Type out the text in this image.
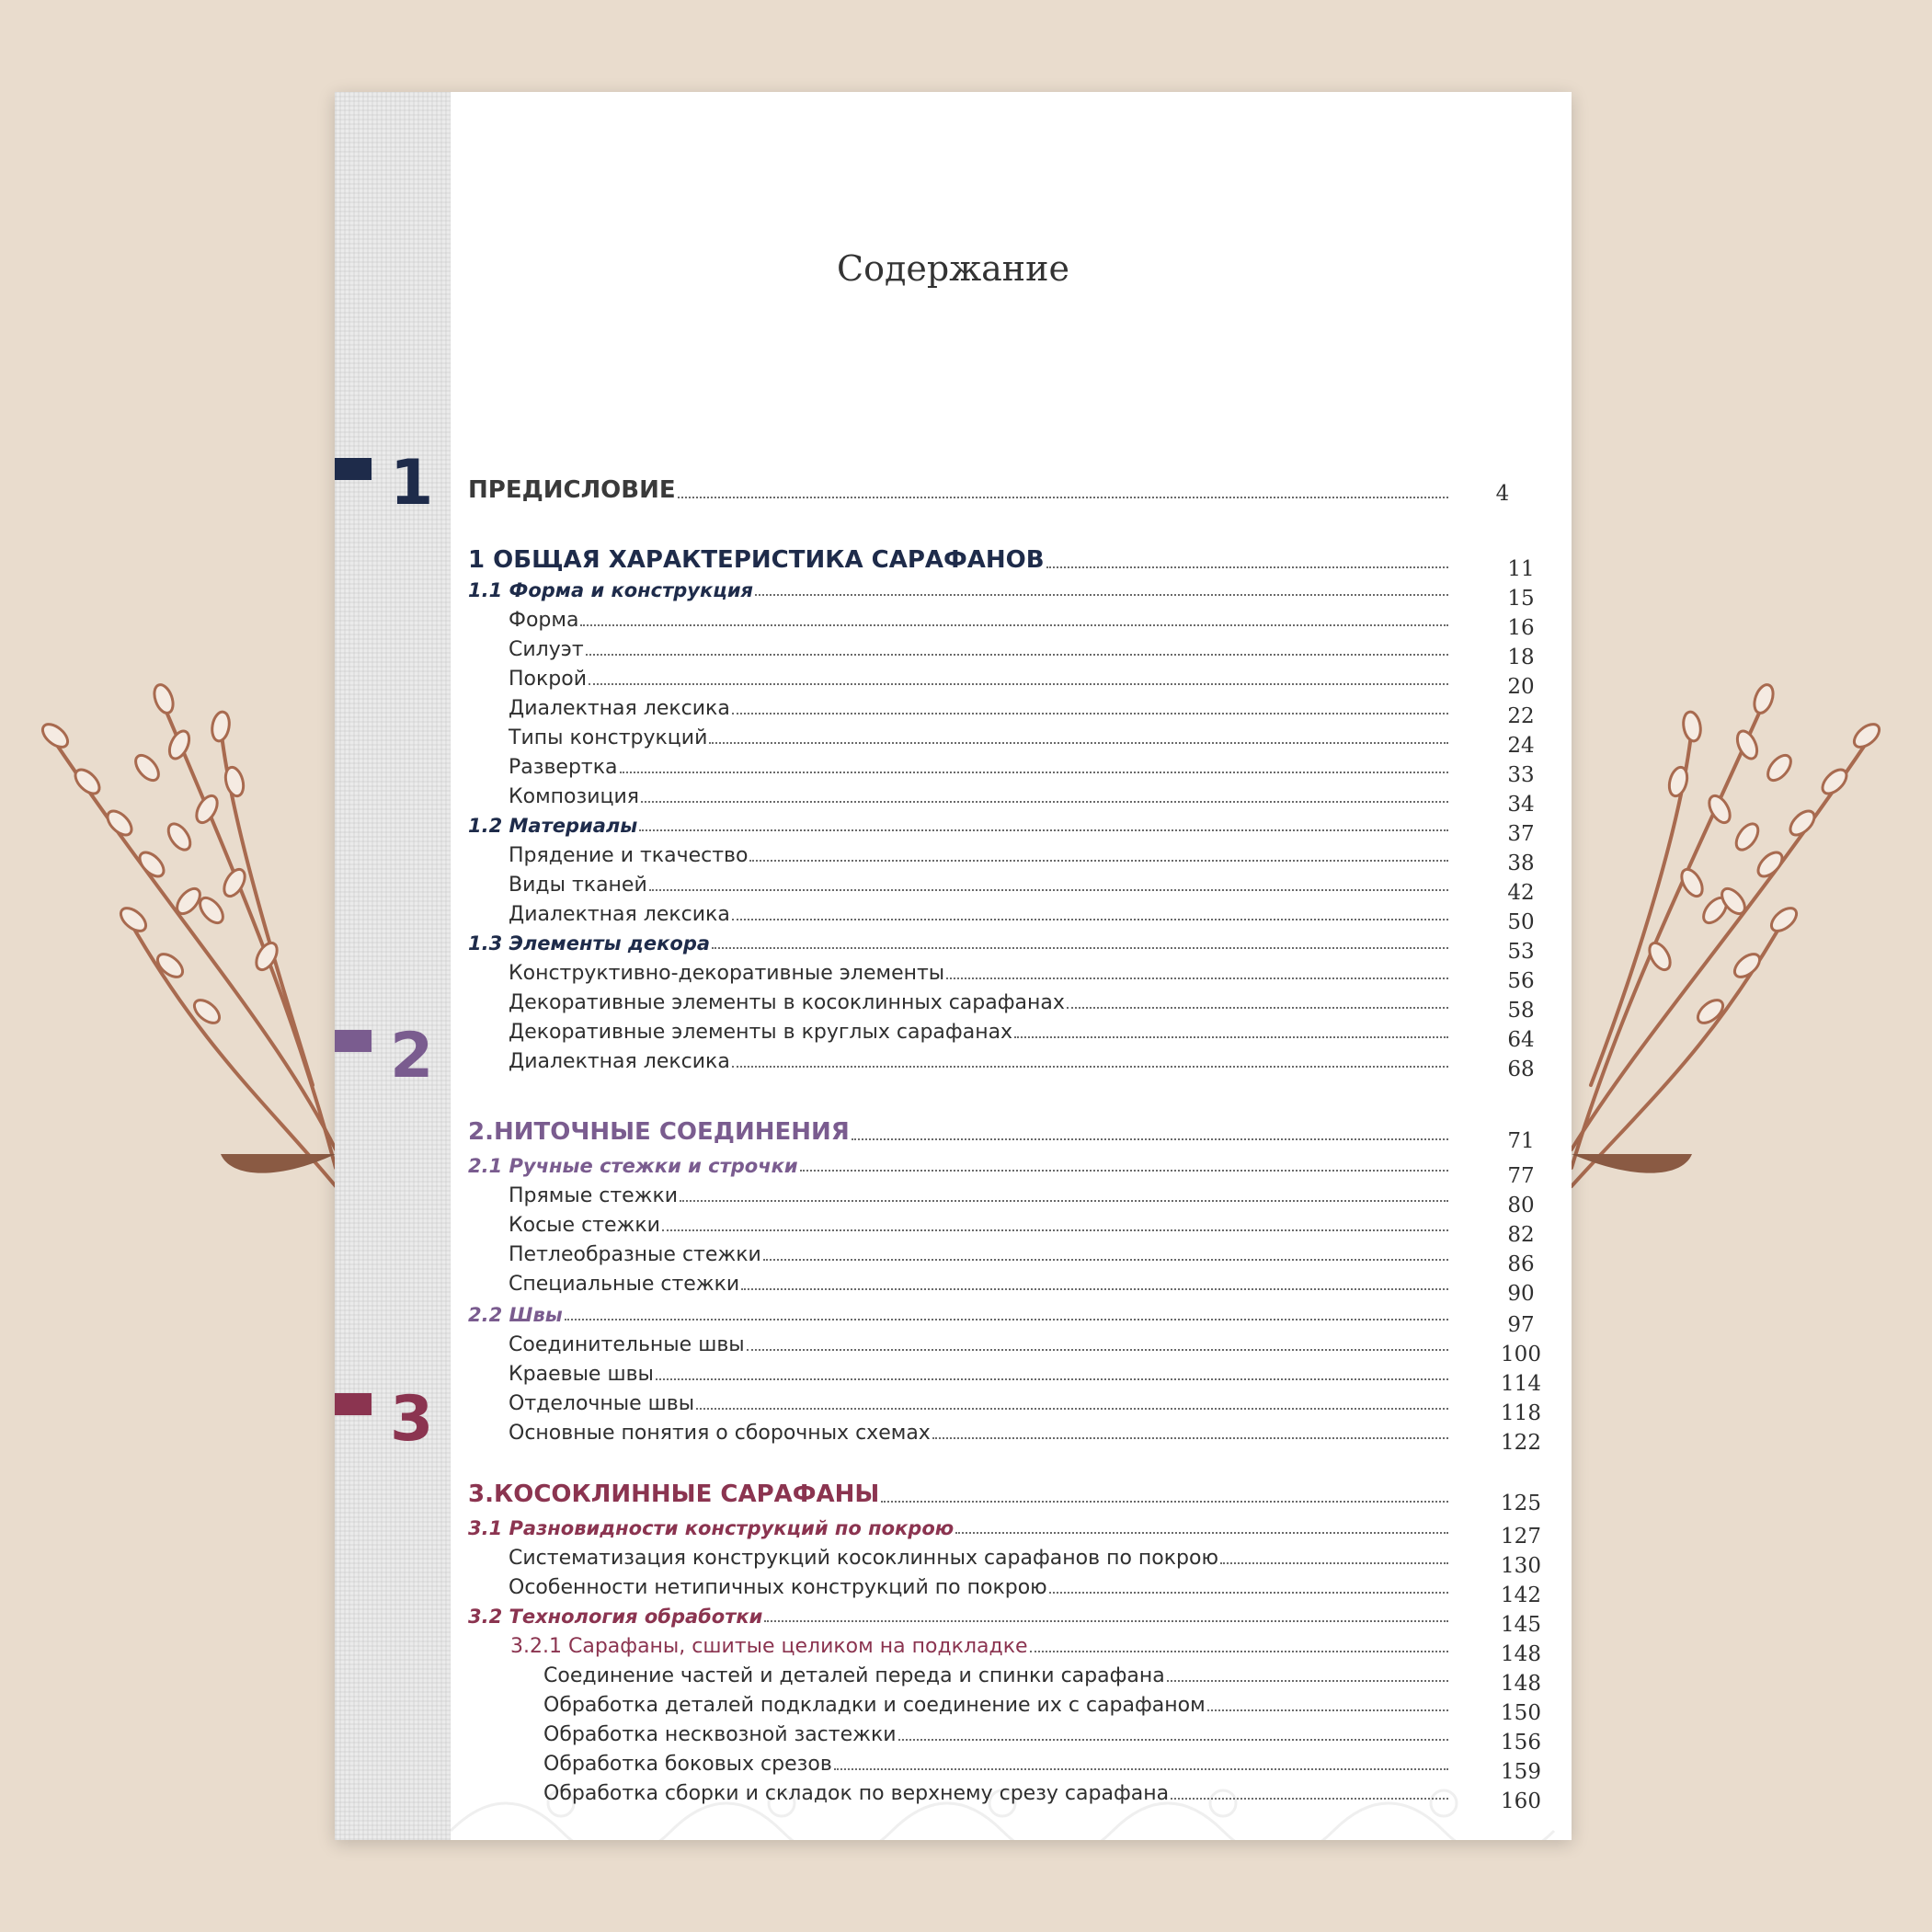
Содержание
ПРЕДИСЛОВИЕ	4
1
1 ОБЩАЯ ХАРАКТЕРИСТИКА САРАФАНОВ	11
1.1 Форма и конструкция	15
Форма	16
Силуэт	18
Покрой	20
Диалектная лексика	22
Типы конструкций	24
Развертка	33
Композиция	34
1.2 Материалы	37
Прядение и ткачество	38
Виды тканей	42
Диалектная лексика	50
1.3 Элементы декора	53
Конструктивно-декоративные элементы	56
Декоративные элементы в косоклинных сарафанах	58
Декоративные элементы в круглых сарафанах	64
Диалектная лексика	68
2
2.НИТОЧНЫЕ СОЕДИНЕНИЯ	71
2.1 Ручные стежки и строчки	77
Прямые стежки	80
Косые стежки	82
Петлеобразные стежки	86
Специальные стежки	90
2.2 Швы	97
Соединительные швы	100
Краевые швы	114
Отделочные швы	118
Основные понятия о сборочных схемах	122
3
3.КОСОКЛИННЫЕ САРАФАНЫ	125
3.1 Разновидности конструкций по покрою	127
Систематизация конструкций косоклинных сарафанов по покрою	130
Особенности нетипичных конструкций по покрою	142
3.2 Технология обработки	145
3.2.1 Сарафаны, сшитые целиком на подкладке	148
Соединение частей и деталей переда и спинки сарафана	148
Обработка деталей подкладки и соединение их с сарафаном	150
Обработка несквозной застежки	156
Обработка боковых срезов	159
Обработка сборки и складок по верхнему срезу сарафана	160
